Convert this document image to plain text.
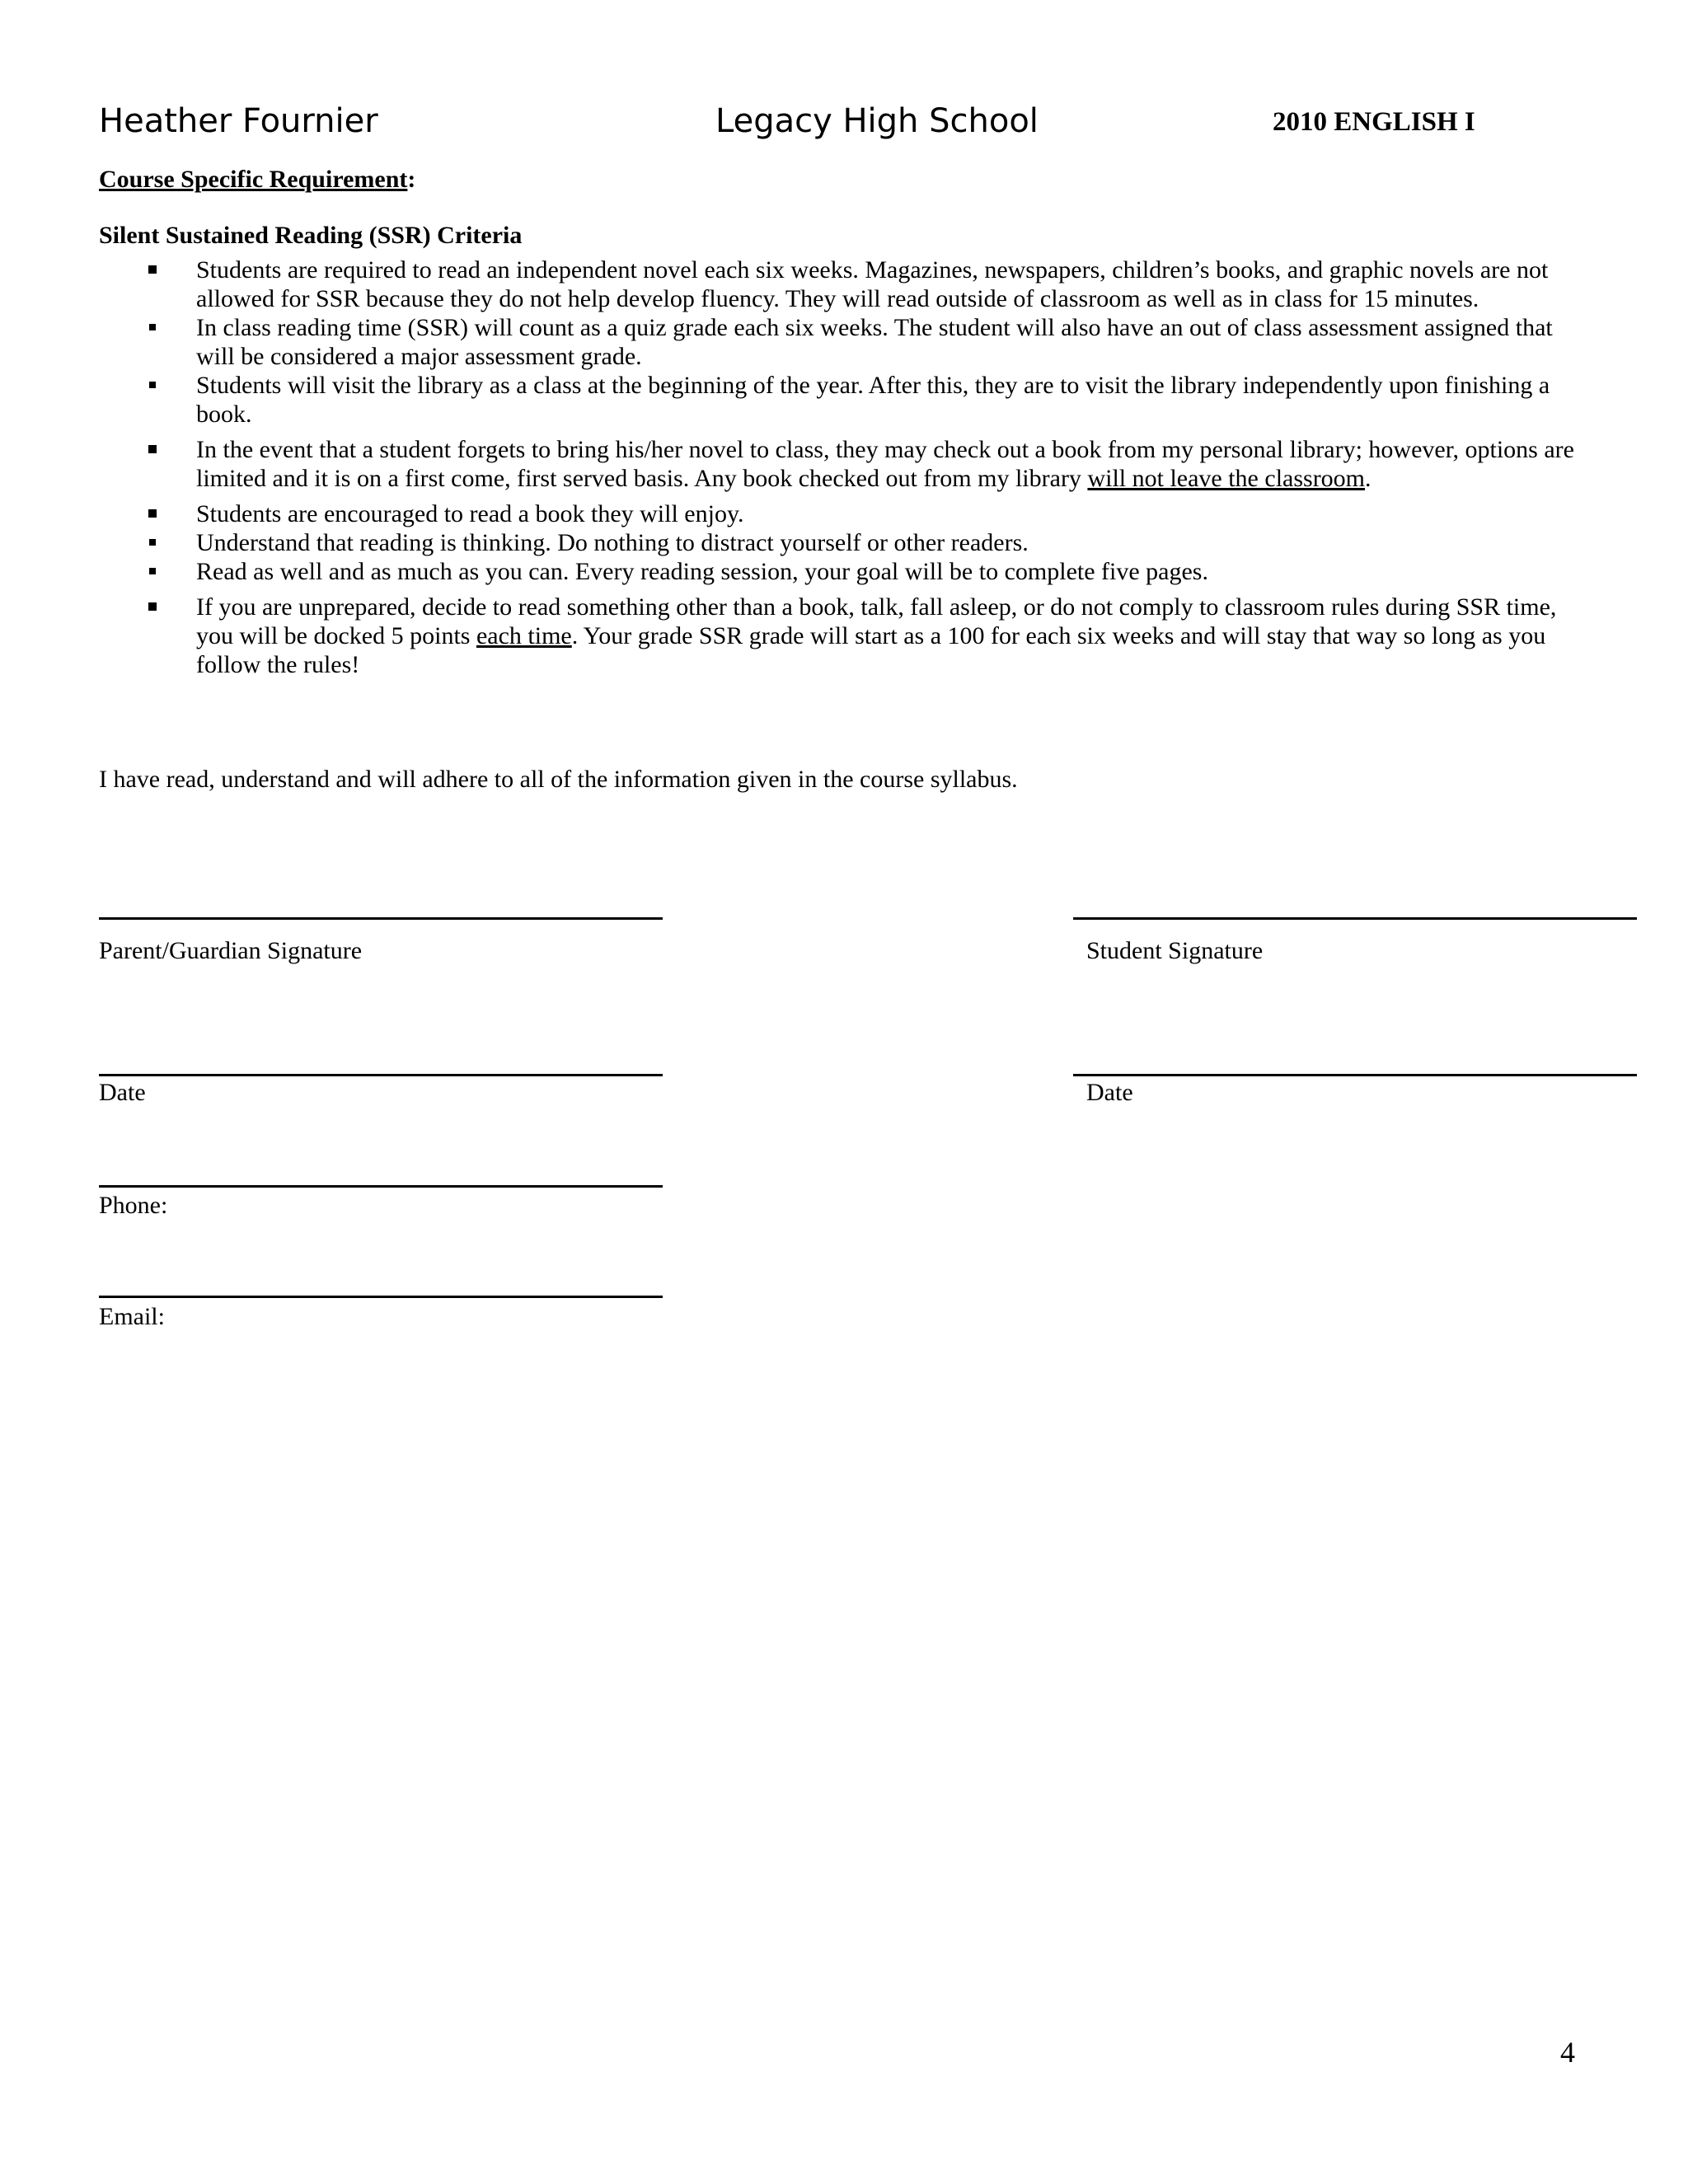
Heather Fournier	Legacy High School	2010 ENGLISH I
Course Specific Requirement:
Silent Sustained Reading (SSR) Criteria
Students are required to read an independent novel each six weeks. Magazines, newspapers, children’s books, and graphic novels are not allowed for SSR because they do not help develop fluency. They will read outside of classroom as well as in class for 15 minutes.
In class reading time (SSR) will count as a quiz grade each six weeks. The student will also have an out of class assessment assigned that will be considered a major assessment grade.
Students will visit the library as a class at the beginning of the year. After this, they are to visit the library independently upon finishing a book.
In the event that a student forgets to bring his/her novel to class, they may check out a book from my personal library; however, options are limited and it is on a first come, first served basis. Any book checked out from my library will not leave the classroom.
Students are encouraged to read a book they will enjoy.
Understand that reading is thinking. Do nothing to distract yourself or other readers.
Read as well and as much as you can. Every reading session, your goal will be to complete five pages.
If you are unprepared, decide to read something other than a book, talk, fall asleep, or do not comply to classroom rules during SSR time, you will be docked 5 points each time. Your grade SSR grade will start as a 100 for each six weeks and will stay that way so long as you follow the rules!
I have read, understand and will adhere to all of the information given in the course syllabus.
Parent/Guardian Signature	Student Signature
Date	Date
Phone:
Email:
4
